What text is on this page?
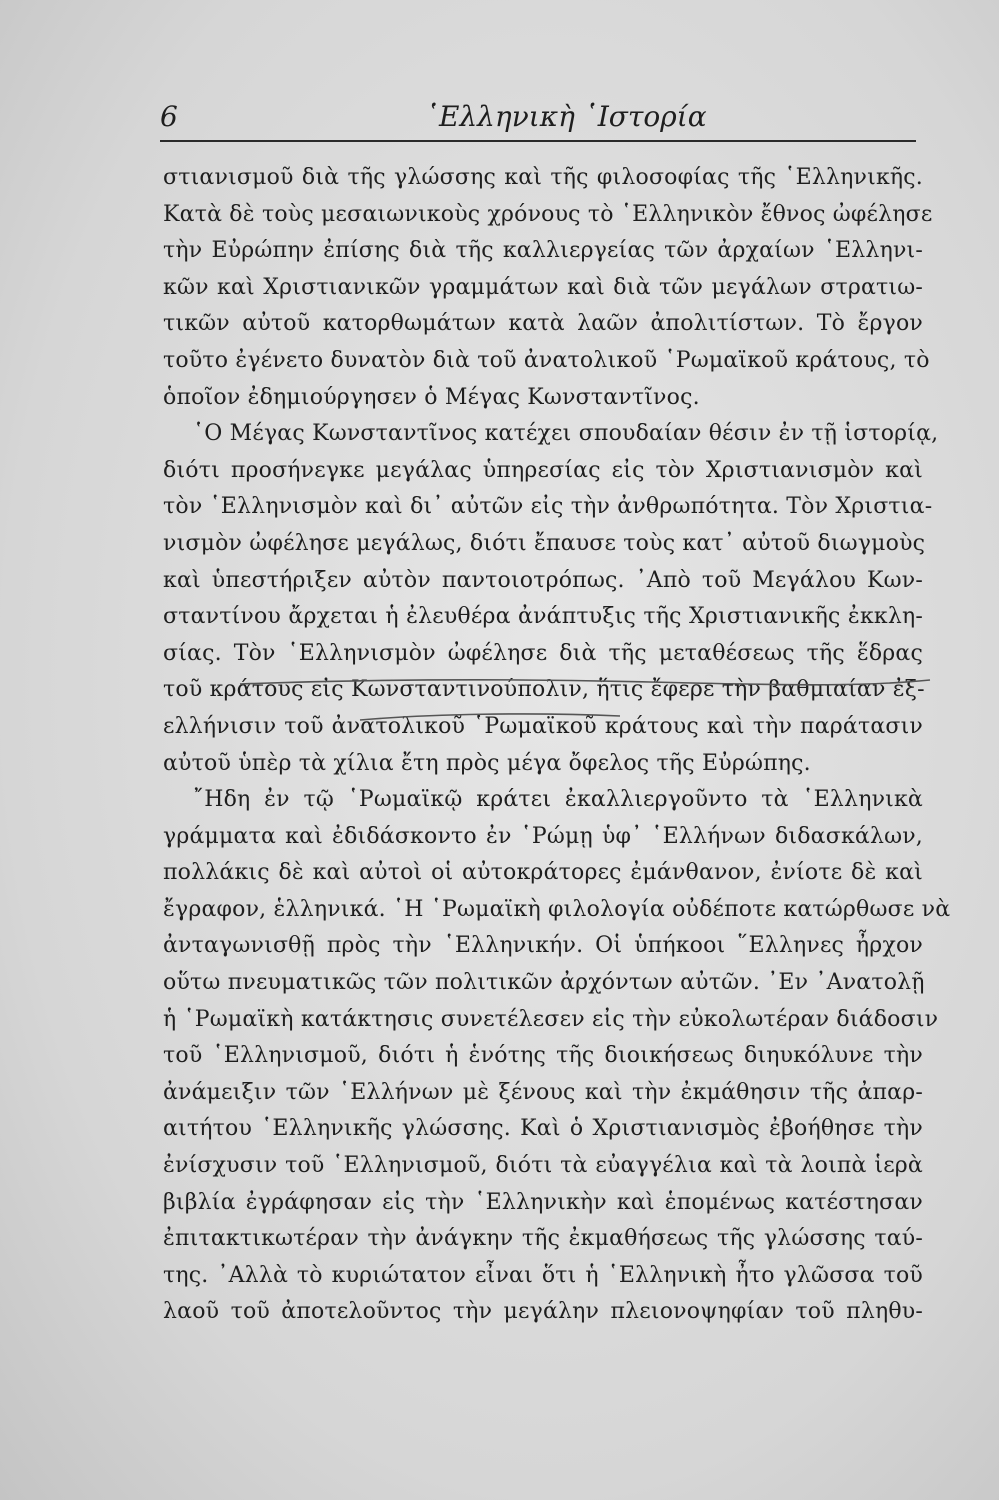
6	῾Ελληνικὴ ῾Ιστορία
στιανισμοῦ διὰ τῆς γλώσσης καὶ τῆς φιλοσοφίας τῆς ῾Ελληνικῆς.
Κατὰ δὲ τοὺς μεσαιωνικοὺς χρόνους τὸ ῾Ελληνικὸν ἔθνος ὠφέλησε
τὴν Εὐρώπην ἐπίσης διὰ τῆς καλλιεργείας τῶν ἀρχαίων ῾Ελληνι-
κῶν καὶ Χριστιανικῶν γραμμάτων καὶ διὰ τῶν μεγάλων στρατιω-
τικῶν αὐτοῦ κατορθωμάτων κατὰ λαῶν ἀπολιτίστων. Τὸ ἔργον
τοῦτο ἐγένετο δυνατὸν διὰ τοῦ ἀνατολικοῦ ῾Ρωμαϊκοῦ κράτους, τὸ
ὁποῖον ἐδημιούργησεν ὁ Μέγας Κωνσταντῖνος.
῾Ο Μέγας Κωνσταντῖνος κατέχει σπουδαίαν θέσιν ἐν τῇ ἱστορίᾳ,
διότι προσήνεγκε μεγάλας ὑπηρεσίας εἰς τὸν Χριστιανισμὸν καὶ
τὸν ῾Ελληνισμὸν καὶ δι᾽ αὐτῶν εἰς τὴν ἀνθρωπότητα. Τὸν Χριστια-
νισμὸν ὠφέλησε μεγάλως, διότι ἔπαυσε τοὺς κατ᾽ αὐτοῦ διωγμοὺς
καὶ ὑπεστήριξεν αὐτὸν παντοιοτρόπως. ᾽Απὸ τοῦ Μεγάλου Κων-
σταντίνου ἄρχεται ἡ ἐλευθέρα ἀνάπτυξις τῆς Χριστιανικῆς ἐκκλη-
σίας. Τὸν ῾Ελληνισμὸν ὠφέλησε διὰ τῆς μεταθέσεως τῆς ἕδρας
τοῦ κράτους εἰς Κωνσταντινούπολιν, ἥτις ἔφερε τὴν βαθμιαίαν ἐξ-
ελλήνισιν τοῦ ἀνατολικοῦ ῾Ρωμαϊκοῦ κράτους καὶ τὴν παράτασιν
αὐτοῦ ὑπὲρ τὰ χίλια ἔτη πρὸς μέγα ὄφελος τῆς Εὐρώπης.
῎Ηδη ἐν τῷ ῾Ρωμαϊκῷ κράτει ἐκαλλιεργοῦντο τὰ ῾Ελληνικὰ
γράμματα καὶ ἐδιδάσκοντο ἐν ῾Ρώμῃ ὑφ᾽ ῾Ελλήνων διδασκάλων,
πολλάκις δὲ καὶ αὐτοὶ οἱ αὐτοκράτορες ἐμάνθανον, ἐνίοτε δὲ καὶ
ἔγραφον, ἑλληνικά. ῾Η ῾Ρωμαϊκὴ φιλολογία οὐδέποτε κατώρθωσε νὰ
ἀνταγωνισθῇ πρὸς τὴν ῾Ελληνικήν. Οἱ ὑπήκοοι ῞Ελληνες ἦρχον
οὕτω πνευματικῶς τῶν πολιτικῶν ἀρχόντων αὐτῶν. ᾽Εν ᾽Ανατολῇ
ἡ ῾Ρωμαϊκὴ κατάκτησις συνετέλεσεν εἰς τὴν εὐκολωτέραν διάδοσιν
τοῦ ῾Ελληνισμοῦ, διότι ἡ ἑνότης τῆς διοικήσεως διηυκόλυνε τὴν
ἀνάμειξιν τῶν ῾Ελλήνων μὲ ξένους καὶ τὴν ἐκμάθησιν τῆς ἀπαρ-
αιτήτου ῾Ελληνικῆς γλώσσης. Καὶ ὁ Χριστιανισμὸς ἐβοήθησε τὴν
ἐνίσχυσιν τοῦ ῾Ελληνισμοῦ, διότι τὰ εὐαγγέλια καὶ τὰ λοιπὰ ἱερὰ
βιβλία ἐγράφησαν εἰς τὴν ῾Ελληνικὴν καὶ ἑπομένως κατέστησαν
ἐπιτακτικωτέραν τὴν ἀνάγκην τῆς ἐκμαθήσεως τῆς γλώσσης ταύ-
της. ᾽Αλλὰ τὸ κυριώτατον εἶναι ὅτι ἡ ῾Ελληνικὴ ἦτο γλῶσσα τοῦ
λαοῦ τοῦ ἀποτελοῦντος τὴν μεγάλην πλειονοψηφίαν τοῦ πληθυ-
